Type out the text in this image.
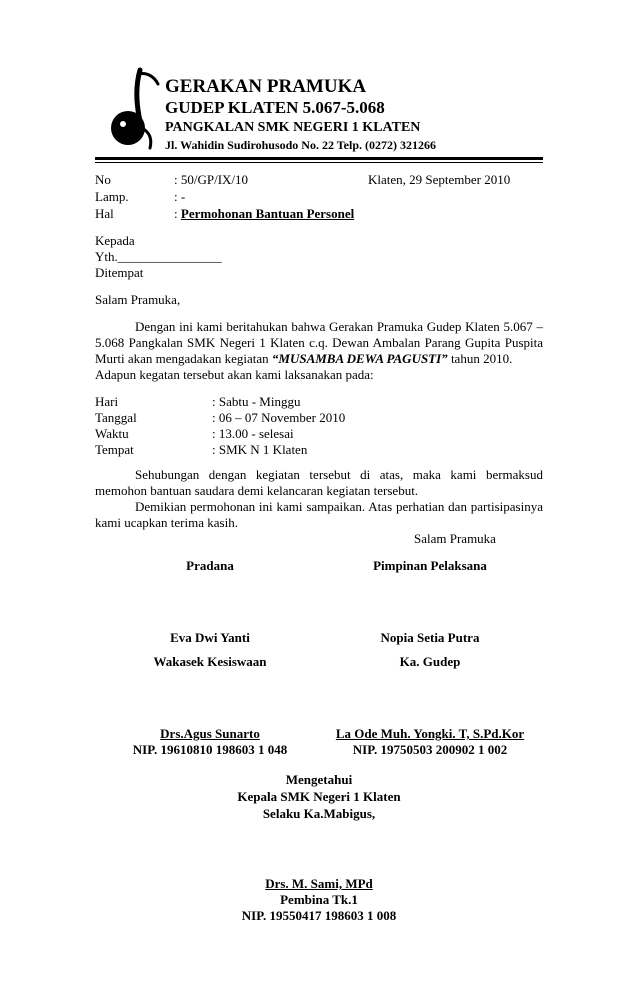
GERAKAN PRAMUKA
GUDEP KLATEN 5.067-5.068
PANGKALAN SMK NEGERI 1 KLATEN
Jl. Wahidin Sudirohusodo No. 22 Telp. (0272) 321266
No	: 50/GP/IX/10	Klaten, 29 September 2010
Lamp.	: -
Hal	: Permohonan Bantuan Personel
Kepada
Yth.________________
Ditempat
Salam Pramuka,
Dengan ini kami beritahukan bahwa Gerakan Pramuka Gudep Klaten 5.067 – 5.068 Pangkalan SMK Negeri 1 Klaten c.q. Dewan Ambalan Parang Gupita Puspita Murti akan mengadakan kegiatan “MUSAMBA DEWA PAGUSTI” tahun 2010.
Adapun kegatan tersebut akan kami laksanakan pada:
Hari	: Sabtu - Minggu
Tanggal	: 06 – 07 November 2010
Waktu	: 13.00 - selesai
Tempat	: SMK N 1 Klaten
Sehubungan dengan kegiatan tersebut di atas, maka kami bermaksud memohon bantuan saudara demi kelancaran kegiatan tersebut.
Demikian permohonan ini kami sampaikan. Atas perhatian dan partisipasinya kami ucapkan terima kasih.
Salam Pramuka
Pradana	Pimpinan Pelaksana
Eva Dwi Yanti	Nopia Setia Putra
Wakasek Kesiswaan	Ka. Gudep
Drs.Agus Sunarto	La Ode Muh. Yongki. T, S.Pd.Kor
NIP. 19610810 198603 1 048	NIP. 19750503 200902 1 002
Mengetahui
Kepala SMK Negeri 1 Klaten
Selaku Ka.Mabigus,
Drs. M. Sami, MPd
Pembina Tk.1
NIP. 19550417 198603 1 008
